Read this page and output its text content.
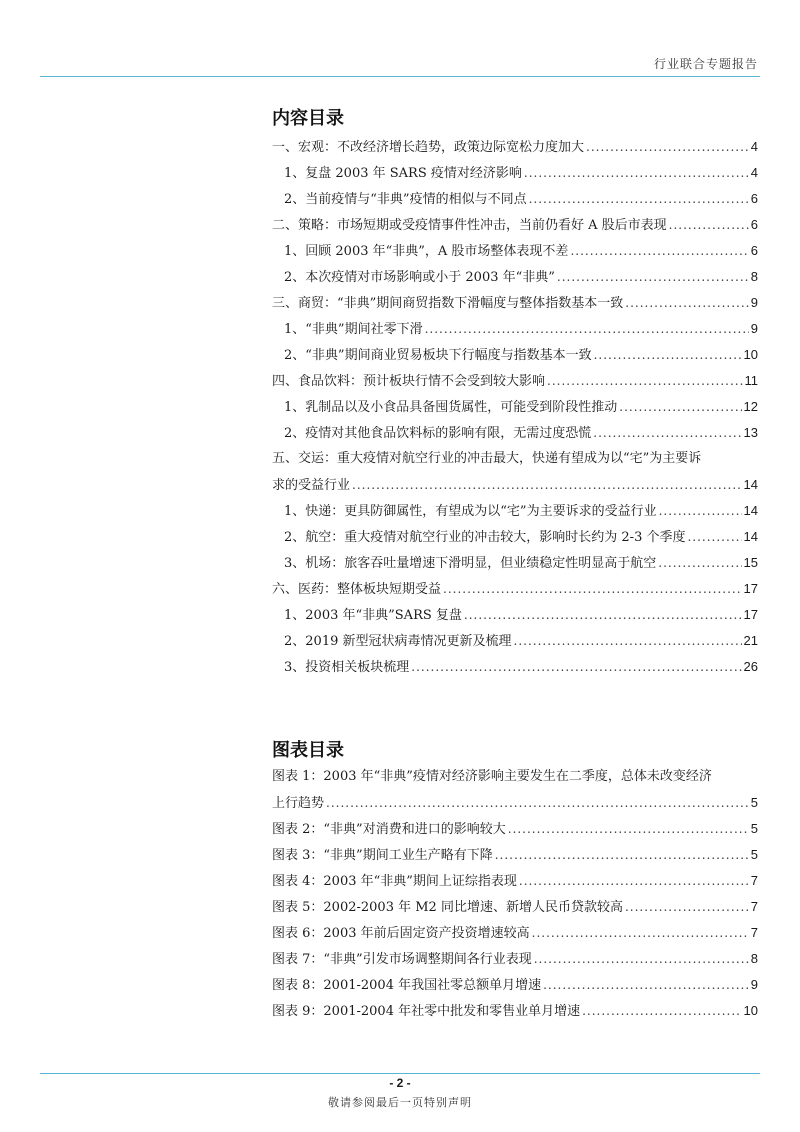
行业联合专题报告
内容目录
一、宏观：不改经济增长趋势，政策边际宽松力度加大 .....	4
1、复盘 2003 年 SARS 疫情对经济影响 .....	4
2、当前疫情与“非典”疫情的相似与不同点 .....	6
二、策略：市场短期或受疫情事件性冲击，当前仍看好 A 股后市表现 .....	6
1、回顾 2003 年“非典”，A 股市场整体表现不差 .....	6
2、本次疫情对市场影响或小于 2003 年“非典” .....	8
三、商贸：“非典”期间商贸指数下滑幅度与整体指数基本一致 .....	9
1、“非典”期间社零下滑 .....	9
2、“非典”期间商业贸易板块下行幅度与指数基本一致 .....	10
四、食品饮料：预计板块行情不会受到较大影响 .....	11
1、乳制品以及小食品具备囤货属性，可能受到阶段性推动 .....	12
2、疫情对其他食品饮料标的影响有限，无需过度恐慌 .....	13
五、交运：重大疫情对航空行业的冲击最大，快递有望成为以“宅”为主要诉
求的受益行业 .....	14
1、快递：更具防御属性，有望成为以“宅”为主要诉求的受益行业 .....	14
2、航空：重大疫情对航空行业的冲击较大，影响时长约为 2-3 个季度 .....	14
3、机场：旅客吞吐量增速下滑明显，但业绩稳定性明显高于航空 .....	15
六、医药：整体板块短期受益 .....	17
1、2003 年“非典”SARS 复盘 .....	17
2、2019 新型冠状病毒情况更新及梳理 .....	21
3、投资相关板块梳理 .....	26
图表目录
图表 1：2003 年“非典”疫情对经济影响主要发生在二季度，总体未改变经济
上行趋势 .....	5
图表 2：“非典”对消费和进口的影响较大 .....	5
图表 3：“非典”期间工业生产略有下降 .....	5
图表 4：2003 年“非典”期间上证综指表现 .....	7
图表 5：2002-2003 年 M2 同比增速、新增人民币贷款较高 .....	7
图表 6：2003 年前后固定资产投资增速较高 .....	7
图表 7：“非典”引发市场调整期间各行业表现 .....	8
图表 8：2001-2004 年我国社零总额单月增速 .....	9
图表 9：2001-2004 年社零中批发和零售业单月增速 .....	10
- 2 -
敬请参阅最后一页特别声明
